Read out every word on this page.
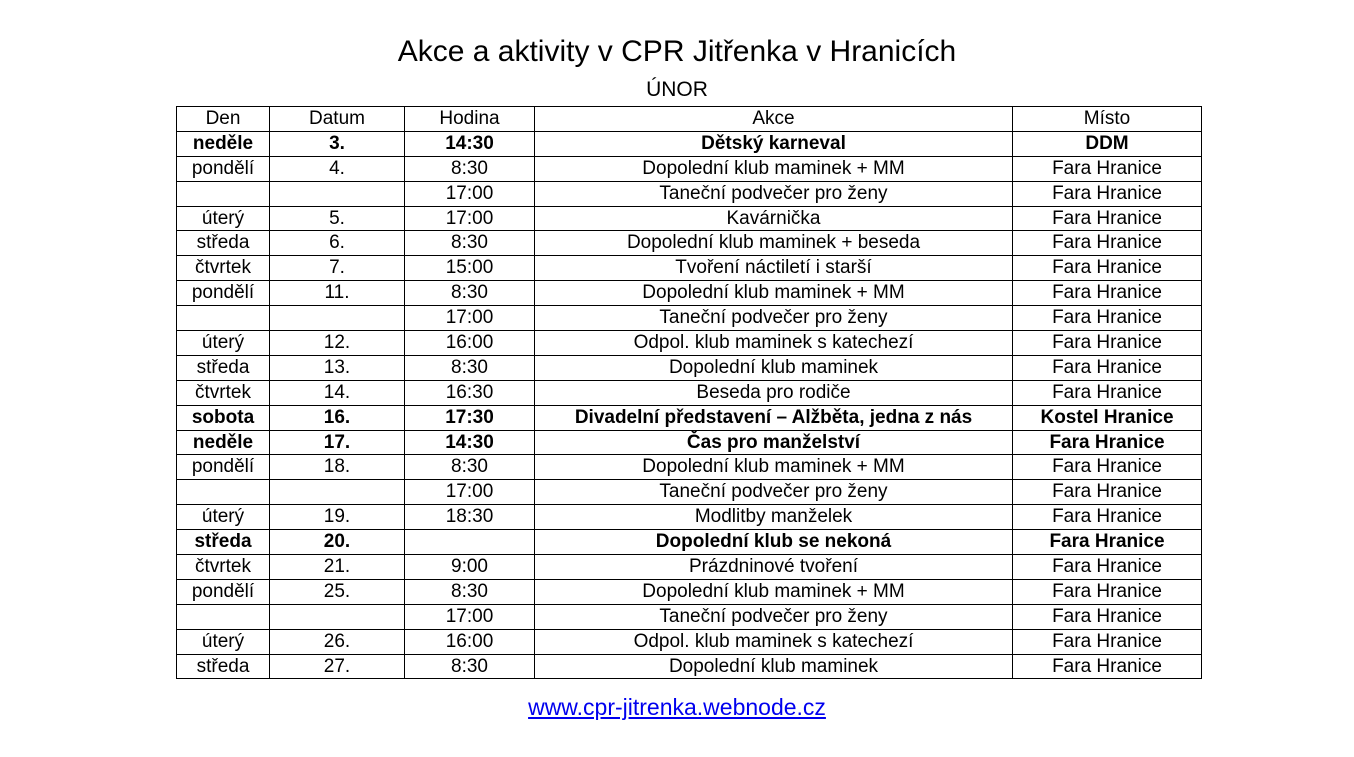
Akce a aktivity v CPR Jitřenka v Hranicích
ÚNOR
Den	Datum	Hodina	Akce	Místo
neděle	3.	14:30	Dětský karneval	DDM
pondělí	4.	8:30	Dopolední klub maminek + MM	Fara Hranice
		17:00	Taneční podvečer pro ženy	Fara Hranice
úterý	5.	17:00	Kavárnička	Fara Hranice
středa	6.	8:30	Dopolední klub maminek + beseda	Fara Hranice
čtvrtek	7.	15:00	Tvoření náctiletí i starší	Fara Hranice
pondělí	11.	8:30	Dopolední klub maminek + MM	Fara Hranice
		17:00	Taneční podvečer pro ženy	Fara Hranice
úterý	12.	16:00	Odpol. klub maminek s katechezí	Fara Hranice
středa	13.	8:30	Dopolední klub maminek	Fara Hranice
čtvrtek	14.	16:30	Beseda pro rodiče	Fara Hranice
sobota	16.	17:30	Divadelní představení – Alžběta, jedna z nás	Kostel Hranice
neděle	17.	14:30	Čas pro manželství	Fara Hranice
pondělí	18.	8:30	Dopolední klub maminek + MM	Fara Hranice
		17:00	Taneční podvečer pro ženy	Fara Hranice
úterý	19.	18:30	Modlitby manželek	Fara Hranice
středa	20.		Dopolední klub se nekoná	Fara Hranice
čtvrtek	21.	9:00	Prázdninové tvoření	Fara Hranice
pondělí	25.	8:30	Dopolední klub maminek + MM	Fara Hranice
		17:00	Taneční podvečer pro ženy	Fara Hranice
úterý	26.	16:00	Odpol. klub maminek s katechezí	Fara Hranice
středa	27.	8:30	Dopolední klub maminek	Fara Hranice
www.cpr-jitrenka.webnode.cz
